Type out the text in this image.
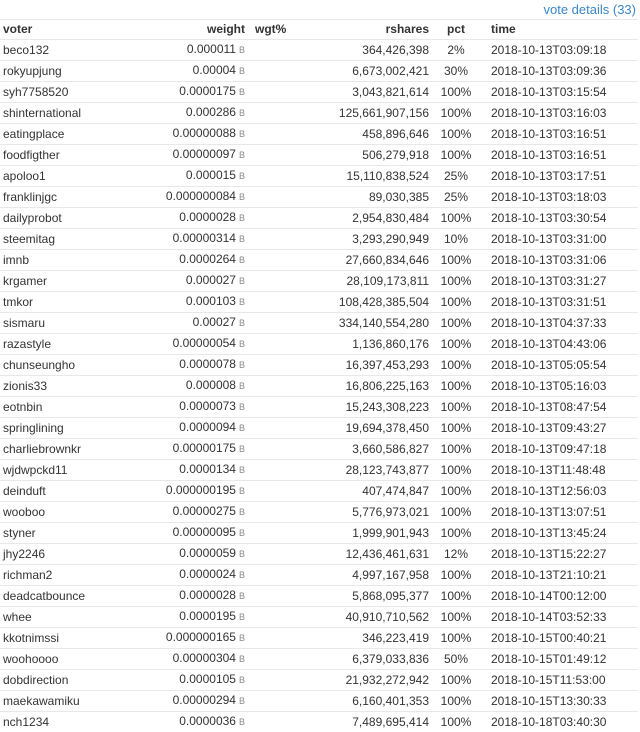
vote details (33)
voter	weight	wgt%	rshares	pct	time
beco132	0.000011 B		364,426,398	2%	2018-10-13T03:09:18
rokyupjung	0.00004 B		6,673,002,421	30%	2018-10-13T03:09:36
syh7758520	0.0000175 B		3,043,821,614	100%	2018-10-13T03:15:54
shinternational	0.000286 B		125,661,907,156	100%	2018-10-13T03:16:03
eatingplace	0.00000088 B		458,896,646	100%	2018-10-13T03:16:51
foodfigther	0.00000097 B		506,279,918	100%	2018-10-13T03:16:51
apoloo1	0.000015 B		15,110,838,524	25%	2018-10-13T03:17:51
franklinjgc	0.000000084 B		89,030,385	25%	2018-10-13T03:18:03
dailyprobot	0.0000028 B		2,954,830,484	100%	2018-10-13T03:30:54
steemitag	0.00000314 B		3,293,290,949	10%	2018-10-13T03:31:00
imnb	0.0000264 B		27,660,834,646	100%	2018-10-13T03:31:06
krgamer	0.000027 B		28,109,173,811	100%	2018-10-13T03:31:27
tmkor	0.000103 B		108,428,385,504	100%	2018-10-13T03:31:51
sismaru	0.00027 B		334,140,554,280	100%	2018-10-13T04:37:33
razastyle	0.00000054 B		1,136,860,176	100%	2018-10-13T04:43:06
chunseungho	0.0000078 B		16,397,453,293	100%	2018-10-13T05:05:54
zionis33	0.000008 B		16,806,225,163	100%	2018-10-13T05:16:03
eotnbin	0.0000073 B		15,243,308,223	100%	2018-10-13T08:47:54
springlining	0.0000094 B		19,694,378,450	100%	2018-10-13T09:43:27
charliebrownkr	0.00000175 B		3,660,586,827	100%	2018-10-13T09:47:18
wjdwpckd11	0.0000134 B		28,123,743,877	100%	2018-10-13T11:48:48
deinduft	0.000000195 B		407,474,847	100%	2018-10-13T12:56:03
wooboo	0.00000275 B		5,776,973,021	100%	2018-10-13T13:07:51
styner	0.00000095 B		1,999,901,943	100%	2018-10-13T13:45:24
jhy2246	0.0000059 B		12,436,461,631	12%	2018-10-13T15:22:27
richman2	0.0000024 B		4,997,167,958	100%	2018-10-13T21:10:21
deadcatbounce	0.0000028 B		5,868,095,377	100%	2018-10-14T00:12:00
whee	0.0000195 B		40,910,710,562	100%	2018-10-14T03:52:33
kkotnimssi	0.000000165 B		346,223,419	100%	2018-10-15T00:40:21
woohoooo	0.00000304 B		6,379,033,836	50%	2018-10-15T01:49:12
dobdirection	0.0000105 B		21,932,272,942	100%	2018-10-15T11:53:00
maekawamiku	0.00000294 B		6,160,401,353	100%	2018-10-15T13:30:33
nch1234	0.0000036 B		7,489,695,414	100%	2018-10-18T03:40:30
